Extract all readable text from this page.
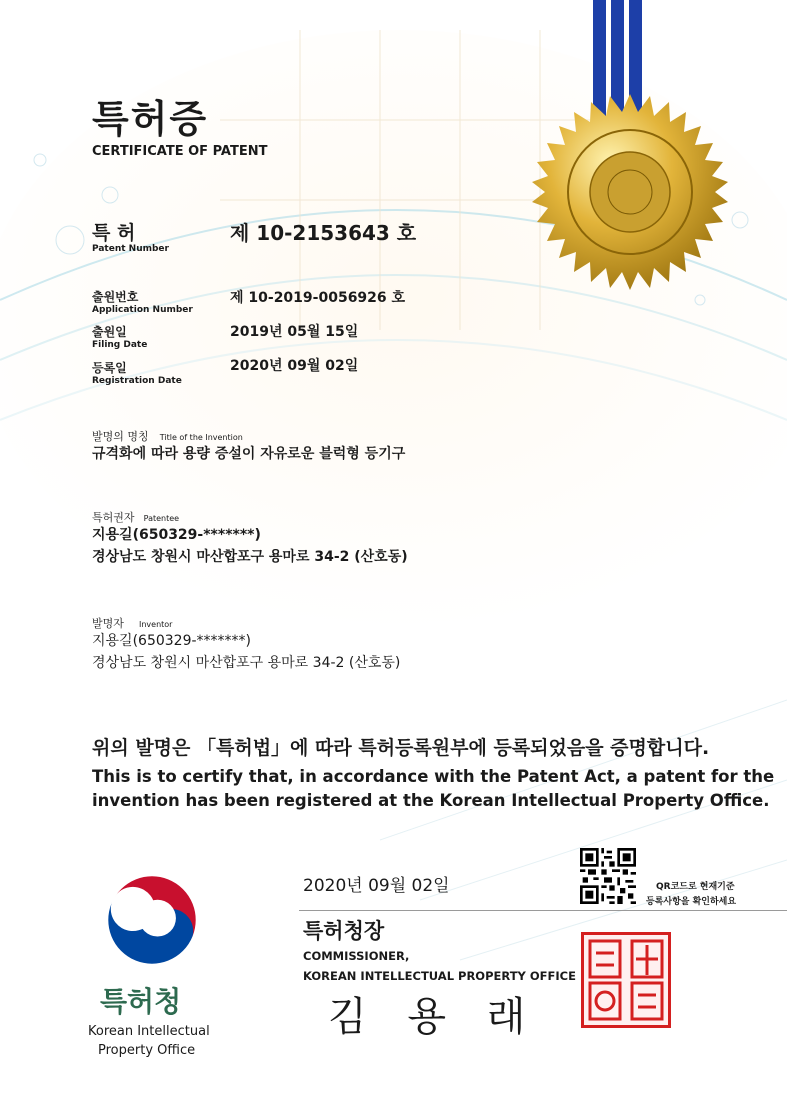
특허증
CERTIFICATE OF PATENT
특 허
Patent Number
제 10-2153643 호
출원번호
Application Number
제 10-2019-0056926 호
출원일
Filing Date
2019년 05월 15일
등록일
Registration Date
2020년 09월 02일
발명의 명칭 Title of the Invention
규격화에 따라 용량 증설이 자유로운 블럭형 등기구
특허권자 Patentee
지용길(650329-*******)
경상남도 창원시 마산합포구 용마로 34-2 (산호동)
발명자 Inventor
지용길(650329-*******)
경상남도 창원시 마산합포구 용마로 34-2 (산호동)
위의 발명은 「특허법」에 따라 특허등록원부에 등록되었음을 증명합니다.
This is to certify that, in accordance with the Patent Act, a patent for the
invention has been registered at the Korean Intellectual Property Office.
2020년 09월 02일	QR코드로 현재기준
등록사항을 확인하세요
특허청장
COMMISSIONER,
KOREAN INTELLECTUAL PROPERTY OFFICE
김 용 래
특허청
Korean Intellectual
Property Office
